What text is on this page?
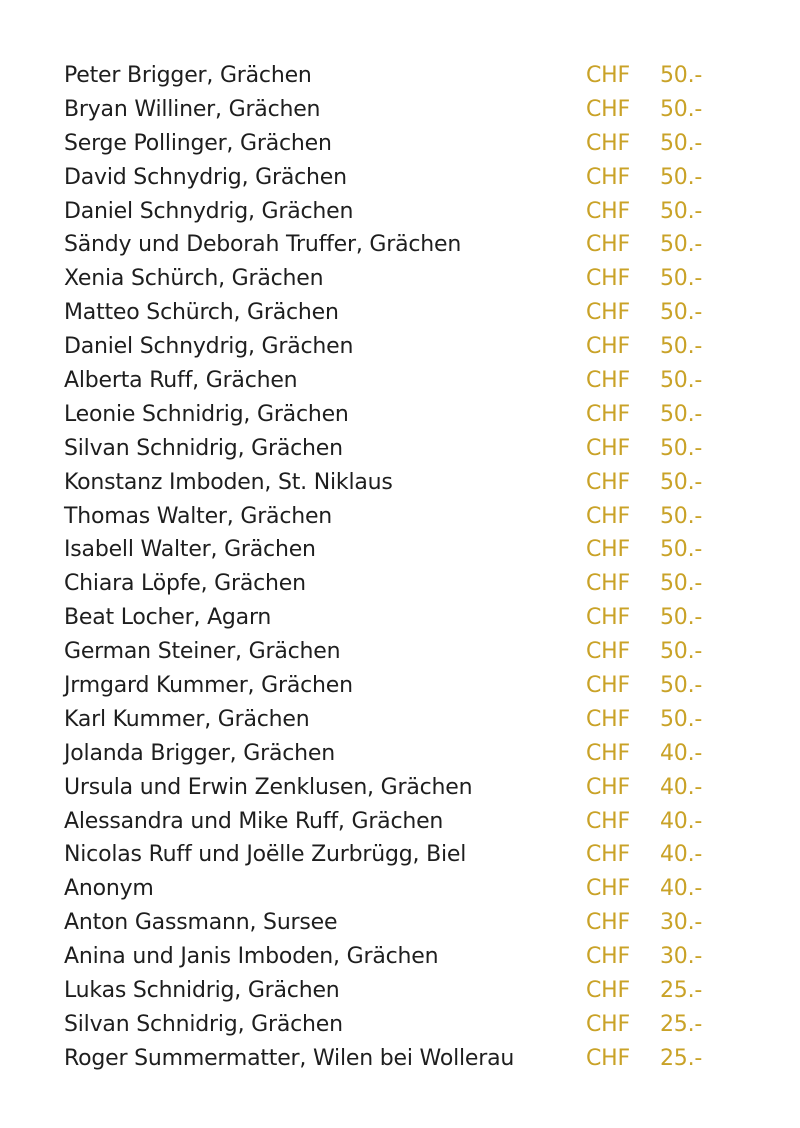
Peter Brigger, Grächen	CHF 50.-
Bryan Williner, Grächen	CHF 50.-
Serge Pollinger, Grächen	CHF 50.-
David Schnydrig, Grächen	CHF 50.-
Daniel Schnydrig, Grächen	CHF 50.-
Sändy und Deborah Truffer, Grächen	CHF 50.-
Xenia Schürch, Grächen	CHF 50.-
Matteo Schürch, Grächen	CHF 50.-
Daniel Schnydrig, Grächen	CHF 50.-
Alberta Ruff, Grächen	CHF 50.-
Leonie Schnidrig, Grächen	CHF 50.-
Silvan Schnidrig, Grächen	CHF 50.-
Konstanz Imboden, St. Niklaus	CHF 50.-
Thomas Walter, Grächen	CHF 50.-
Isabell Walter, Grächen	CHF 50.-
Chiara Löpfe, Grächen	CHF 50.-
Beat Locher, Agarn	CHF 50.-
German Steiner, Grächen	CHF 50.-
Jrmgard Kummer, Grächen	CHF 50.-
Karl Kummer, Grächen	CHF 50.-
Jolanda Brigger, Grächen	CHF 40.-
Ursula und Erwin Zenklusen, Grächen	CHF 40.-
Alessandra und Mike Ruff, Grächen	CHF 40.-
Nicolas Ruff und Joëlle Zurbrügg, Biel	CHF 40.-
Anonym	CHF 40.-
Anton Gassmann, Sursee	CHF 30.-
Anina und Janis Imboden, Grächen	CHF 30.-
Lukas Schnidrig, Grächen	CHF 25.-
Silvan Schnidrig, Grächen	CHF 25.-
Roger Summermatter, Wilen bei Wollerau	CHF 25.-
